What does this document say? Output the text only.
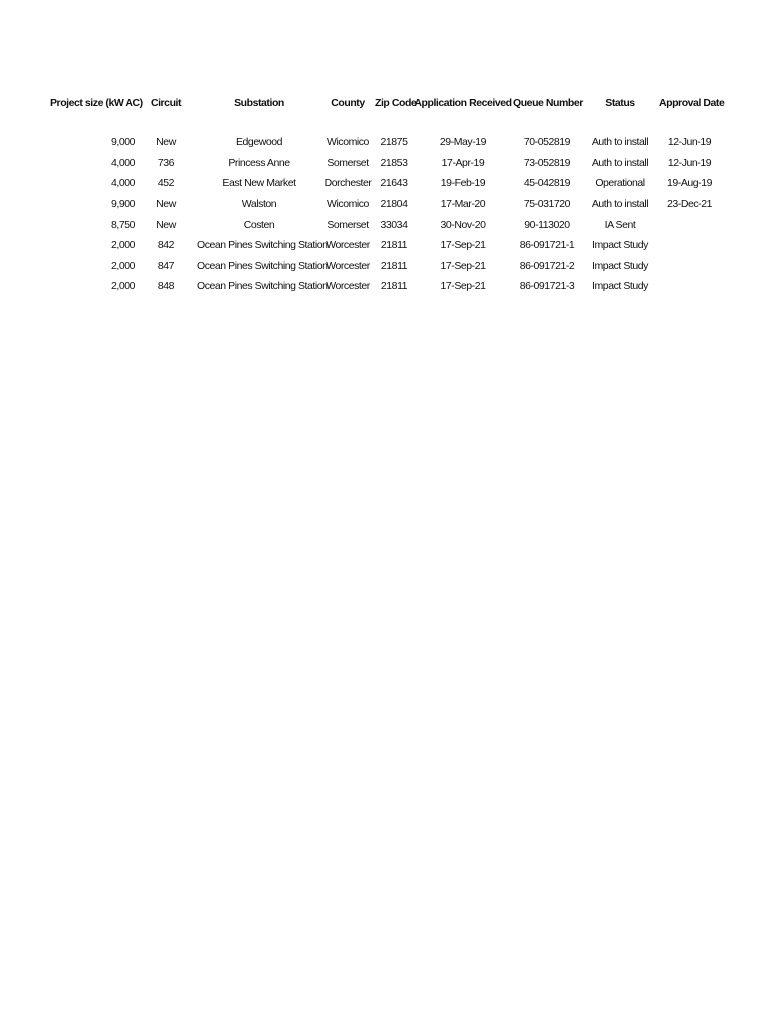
Project size (kW AC)	Circuit	Substation	County	Zip Code	Application Received	Queue Number	Status	Approval Date

9,000	New	Edgewood	Wicomico	21875	29-May-19	70-052819	Auth to install	12-Jun-19
4,000	736	Princess Anne	Somerset	21853	17-Apr-19	73-052819	Auth to install	12-Jun-19
4,000	452	East New Market	Dorchester	21643	19-Feb-19	45-042819	Operational	19-Aug-19
9,900	New	Walston	Wicomico	21804	17-Mar-20	75-031720	Auth to install	23-Dec-21
8,750	New	Costen	Somerset	33034	30-Nov-20	90-113020	IA Sent	
2,000	842	Ocean Pines Switching Station	Worcester	21811	17-Sep-21	86-091721-1	Impact Study	
2,000	847	Ocean Pines Switching Station	Worcester	21811	17-Sep-21	86-091721-2	Impact Study	
2,000	848	Ocean Pines Switching Station	Worcester	21811	17-Sep-21	86-091721-3	Impact Study	
